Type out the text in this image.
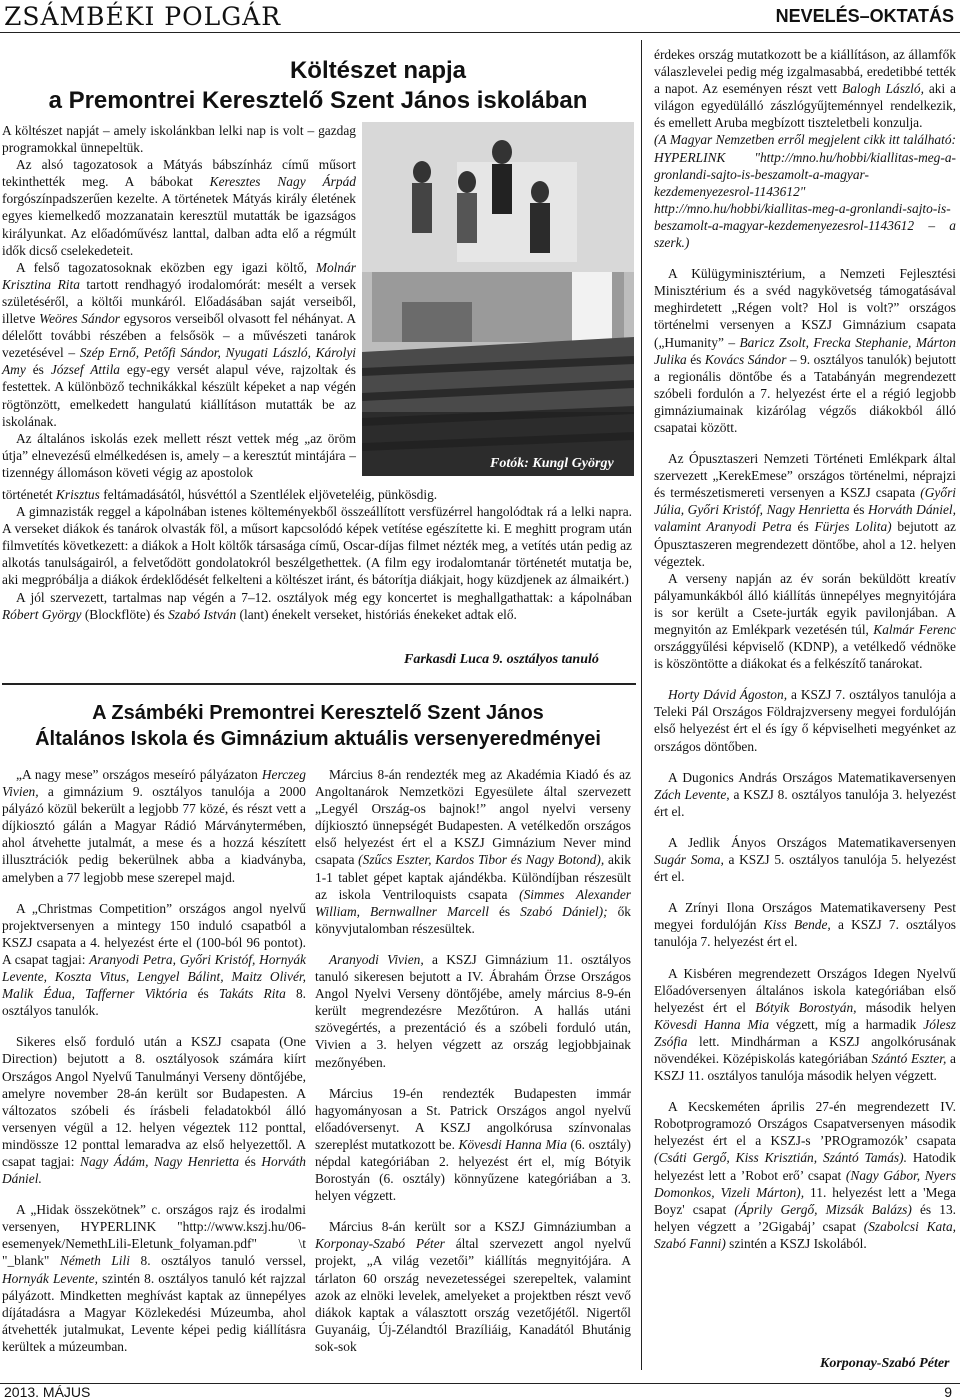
ZSÁMBÉKI POLGÁR	NEVELÉS–OKTATÁS
Költészet napja
a Premontrei Keresztelő Szent János iskolában
Fotók: Kungl György

A költészet napját – amely iskolánkban lelki nap is volt – gazdag programokkal ünnepeltük.

Az alsó tagozatosok a Mátyás bábszínház című műsort tekinthették meg. A bábokat Keresztes Nagy Árpád forgószínpadszerűen kezelte. A történetek Mátyás király életének egyes kiemelkedő mozzanatain keresztül mutatták be igazságos királyunkat. Az előadóművész lanttal, dalban adta elő a régmúlt idők dicső cselekedeteit.

A felső tagozatosoknak eközben egy igazi költő, Molnár Krisztina Rita tartott rendhagyó irodalomórát: mesélt a versek születéséről, a költői munkáról. Előadásában saját verseiből, illetve Weöres Sándor egysoros verseiből olvasott fel néhányat. A délelőtt további részében a felsősök – a művészeti tanárok vezetésével – Szép Ernő, Petőfi Sándor, Nyugati László, Károlyi Amy és József Attila egy-egy versét alapul véve, rajzoltak és festettek. A különböző technikákkal készült képeket a nap végén rögtönzött, emelkedett hangulatú kiállításon mutatták be az iskolának.

Az általános iskolás ezek mellett részt vettek még „az öröm útja” elnevezésű elmélkedésen is, amely – a keresztút mintájára – tizennégy állomáson követi végig az apostolok

történetét Krisztus feltámadásától, húsvéttól a Szentlélek eljöveteléig, pünkösdig.

A gimnazisták reggel a kápolnában istenes költeményekből összeállított versfüzérrel hangolódtak rá a lelki napra. A verseket diákok és tanárok olvasták föl, a műsort kapcsolódó képek vetítése egészítette ki. E meghitt program után filmvetítés következett: a diákok a Holt költők társasága című, Oscar-díjas filmet nézték meg, a vetítés után pedig az alkotás tanulságairól, a felvetődött gondolatokról beszélgethettek. (A film egy irodalomtanár történetét mutatja be, aki megpróbálja a diákok érdeklődését felkelteni a költészet iránt, és bátorítja diákjait, hogy küzdjenek az álmaikért.)

A jól szervezett, tartalmas nap végén a 7–12. osztályok még egy koncertet is meghallgathattak: a kápolnában Róbert György (Blockflöte) és Szabó István (lant) énekelt verseket, históriás énekeket adtak elő.

Farkasdi Luca 9. osztályos tanuló
A Zsámbéki Premontrei Keresztelő Szent János
Általános Iskola és Gimnázium aktuális versenyeredményei

„A nagy mese” országos meseíró pályázaton Herczeg Vivien, a gimnázium 9. osztályos tanulója a 2000 pályázó közül bekerült a legjobb 77 közé, és részt vett a díjkiosztó gálán a Magyar Rádió Márványtermében, ahol átvehette jutalmát, a mese és a hozzá készített illusztrációk pedig bekerülnek abba a kiadványba, amelyben a 77 legjobb mese szerepel majd.

A „Christmas Competition” országos angol nyelvű projektversenyen a mintegy 150 induló csapatból a KSZJ csapata a 4. helyezést érte el (100-ból 96 pontot). A csapat tagjai: Aranyodi Petra, Győri Kristóf, Hornyák Levente, Koszta Vitus, Lengyel Bálint, Maitz Olivér, Malik Édua, Tafferner Viktória és Takáts Rita 8. osztályos tanulók.

Sikeres első forduló után a KSZJ csapata (One Direction) bejutott a 8. osztályosok számára kiírt Országos Angol Nyelvű Tanulmányi Verseny döntőjébe, amelyre november 28-án került sor Budapesten. A változatos szóbeli és írásbeli feladatokból álló versenyen végül a 12. helyen végeztek 112 ponttal, mindössze 12 ponttal lemaradva az első helyezettől. A csapat tagjai: Nagy Ádám, Nagy Henrietta és Horváth Dániel.

A „Hidak összekötnek” c. országos rajz és irodalmi versenyen, HYPERLINK "http://www.kszj.hu/06-esemenyek/NemethLili-Eletunk_folyaman.pdf" \t "_blank" Németh Lili 8. osztályos tanuló verssel, Hornyák Levente, szintén 8. osztályos tanuló két rajzzal pályázott. Mindketten meghívást kaptak az ünnepélyes díjátadásra a Magyar Közlekedési Múzeumba, ahol átvehették jutalmukat, Levente képei pedig kiállításra kerültek a múzeumban.

Március 8-án rendezték meg az Akadémia Kiadó és az Angoltanárok Nemzetközi Egyesülete által szervezett „Legyél Ország-os bajnok!” angol nyelvi verseny díjkiosztó ünnepségét Budapesten. A vetélkedőn országos első helyezést ért el a KSZJ Gimnázium Never mind csapata (Szűcs Eszter, Kardos Tibor és Nagy Botond), akik 1-1 tablet gépet kaptak ajándékba. Különdíjban részesült az iskola Ventriloquists csapata (Simmes Alexander William, Bernwallner Marcell és Szabó Dániel); ők könyvjutalomban részesültek.

Aranyodi Vivien, a KSZJ Gimnázium 11. osztályos tanuló sikeresen bejutott a IV. Ábrahám Örzse Országos Angol Nyelvi Verseny döntőjébe, amely március 8-9-én került megrendezésre Mezőtúron. A hallás utáni szövegértés, a prezentáció és a szóbeli forduló után, Vivien a 3. helyen végzett az ország legjobbjainak mezőnyében.

Március 19-én rendezték Budapesten immár hagyományosan a St. Patrick Országos angol nyelvű előadóversenyt. A KSZJ angolkórusa színvonalas szereplést mutatkozott be. Kövesdi Hanna Mia (6. osztály) népdal kategóriában 2. helyezést ért el, míg Bótyik Borostyán (6. osztály) könnyűzene kategóriában a 3. helyen végzett.

Március 8-án került sor a KSZJ Gimnáziumban a Korponay-Szabó Péter által szervezett angol nyelvű projekt, „A világ vezetői” kiállítás megnyitójára. A tárlaton 60 ország nevezetességei szerepeltek, valamint azok az elnöki levelek, amelyeket a projektben részt vevő diákok kaptak a választott ország vezetőjétől. Nigertől Guyanáig, Új-Zélandtól Brazíliáig, Kanadától Bhutánig sok-sok

érdekes ország mutatkozott be a kiállításon, az államfők válaszlevelei pedig még izgalmasabbá, eredetibbé tették a napot. Az eseményen részt vett Balogh László, aki a világon egyedülálló zászlógyűjteménnyel rendelkezik, és emellett Aruba megbízott tiszteletbeli konzulja.

(A Magyar Nemzetben erről megjelent cikk itt található: HYPERLINK "http://mno.hu/hobbi/kiallitas-meg-a-gronlandi-sajto-is-beszamolt-a-magyar-kezdemenyezesrol-1143612" http://mno.hu/hobbi/kiallitas-meg-a-gronlandi-sajto-is-beszamolt-a-magyar-kezdemenyezesrol-1143612 – a szerk.)

A Külügyminisztérium, a Nemzeti Fejlesztési Minisztérium és a svéd nagykövetség támogatásával meghirdetett „Régen volt? Hol is volt?” országos történelmi versenyen a KSZJ Gimnázium csapata („Humanity” – Baricz Zsolt, Frecka Stephanie, Márton Julika és Kovács Sándor – 9. osztályos tanulók) bejutott a regionális döntőbe és a Tatabányán megrendezett szóbeli fordulón a 7. helyezést érte el a régió legjobb gimnáziumainak kizárólag végzős diákokból álló csapatai között.

Az Ópusztaszeri Nemzeti Történeti Emlékpark által szervezett „KerekEmese” országos történelmi, néprajzi és természetismereti versenyen a KSZJ csapata (Győri Júlia, Győri Kristóf, Nagy Henrietta és Horváth Dániel, valamint Aranyodi Petra és Fürjes Lolita) bejutott az Ópusztaszeren megrendezett döntőbe, ahol a 12. helyen végeztek.

A verseny napján az év során beküldött kreatív pályamunkákból álló kiállítás ünnepélyes megnyitójára is sor került a Csete-jurták egyik pavilonjában. A megnyitón az Emlékpark vezetésén túl, Kalmár Ferenc országgyűlési képviselő (KDNP), a vetélkedő védnöke is köszöntötte a diákokat és a felkészítő tanárokat.

Horty Dávid Ágoston, a KSZJ 7. osztályos tanulója a Teleki Pál Országos Földrajzverseny megyei fordulóján első helyezést ért el és így ő képviselheti megyénket az országos döntőben.

A Dugonics András Országos Matematikaversenyen Zách Levente, a KSZJ 8. osztályos tanulója 3. helyezést ért el.

A Jedlik Ányos Országos Matematikaversenyen Sugár Soma, a KSZJ 5. osztályos tanulója 5. helyezést ért el.

A Zrínyi Ilona Országos Matematikaverseny Pest megyei fordulóján Kiss Bende, a KSZJ 7. osztályos tanulója 7. helyezést ért el.

A Kisbéren megrendezett Országos Idegen Nyelvű Előadóversenyen általános iskola kategóriában első helyezést ért el Bótyik Borostyán, második helyen Kövesdi Hanna Mia végzett, míg a harmadik Jólesz Zsófia lett. Mindhárman a KSZJ angolkórusának növendékei. Középiskolás kategóriában Szántó Eszter, a KSZJ 11. osztályos tanulója második helyen végzett.

A Kecskeméten április 27-én megrendezett IV. Robotprogramozó Országos Csapatversenyen második helyezést ért el a KSZJ-s ’PROgramozók’ csapata (Csáti Gergő, Kiss Krisztián, Szántó Tamás). Hatodik helyezést lett a ’Robot erő’ csapat (Nagy Gábor, Nyers Domonkos, Vizeli Márton), 11. helyezést lett a 'Mega Boyz' csapat (Áprily Gergő, Mizsák Balázs) és 13. helyen végzett a ’2Gigabáj’ csapat (Szabolcsi Kata, Szabó Fanni) szintén a KSZJ Iskolából.

Korponay-Szabó Péter
2013. MÁJUS	9
